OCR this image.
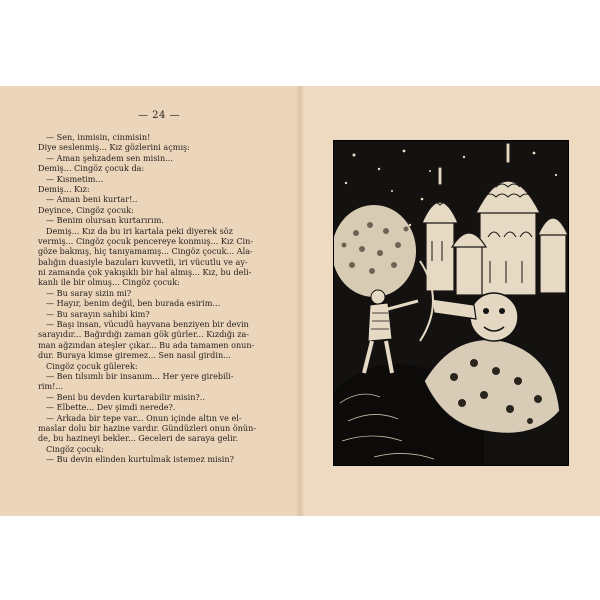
— 24 —
— Sen, inmisin, cinmisin!
Diye seslenmiş... Kız gözlerini açmış:
— Aman şehzadem sen misin...
Demiş... Cingöz çocuk da:
— Kısmetim...
Demiş... Kız:
— Aman beni kurtar!..
Deyince, Cingöz çocuk:
— Benim olursan kurtarırım.
Demiş... Kız da bu iri kartala peki diyerek söz
vermiş... Cingöz çocuk pencereye konmuş... Kız Cin-
göze bakmış, hiç tanıyamamış... Cingöz çocuk... Ala-
balığın duasiyle bazuları kuvvetli, iri vücutlu ve ay-
ni zamanda çok yakışıklı bir hal almış... Kız, bu deli-
kanlı ile bir olmuş... Cingöz çocuk:
— Bu saray sizin mi?
— Hayır, benim değil, ben burada esirim...
— Bu sarayın sahibi kim?
— Başı insan, vücudü hayvana benziyen bir devin
sarayıdır... Bağırdığı zaman gök gürler... Kızdığı za-
man ağzından ateşler çıkar... Bu ada tamamen onun-
dur. Buraya kimse giremez... Sen nasıl girdin...
Cingöz çocuk gülerek:
— Ben tılsımlı bir insanım... Her yere girebili-
rim!...
— Beni bu devden kurtarabilir misin?..
— Elbette... Dev şimdi nerede?.
— Arkada bir tepe var... Onun içinde altın ve el-
maslar dolu bir hazine vardır. Gündüzleri onun önün-
de, bu hazineyi bekler... Geceleri de saraya gelir.
Cingöz çocuk:
— Bu devin elinden kurtulmak istemez misin?
